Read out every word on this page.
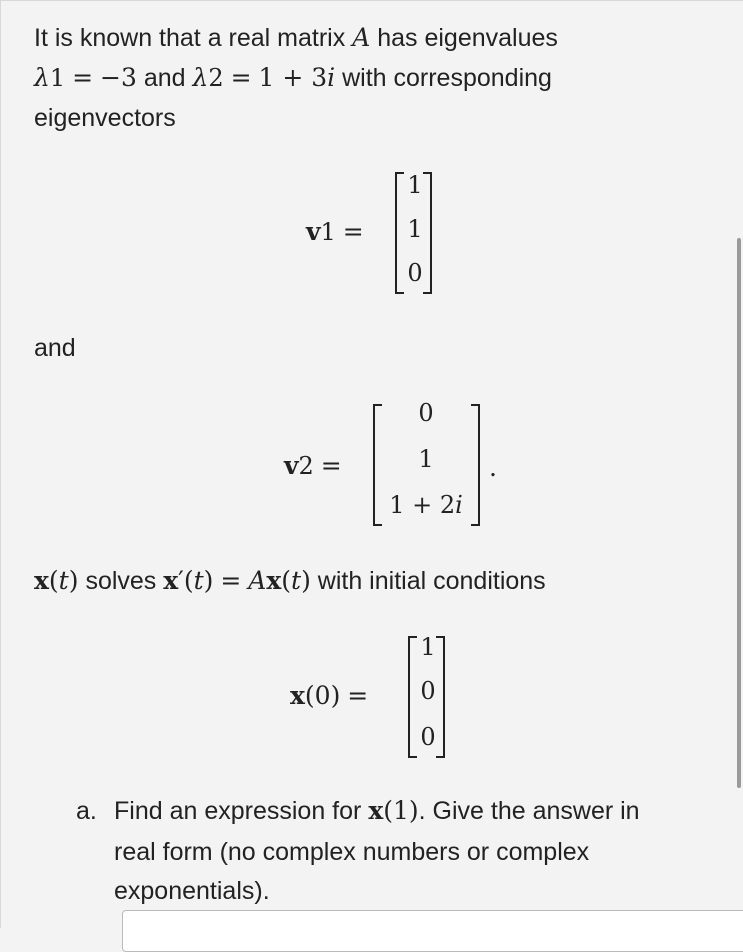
It is known that a real matrix A has eigenvalues
λ1 = −3 and λ2 = 1 + 3i with corresponding
eigenvectors
v1 =
1
1
0
and
v2 =
0
1
1 + 2i
.
x(t) solves x′(t) = Ax(t) with initial conditions
x(0) =
1
0
0
a. Find an expression for x(1). Give the answer in
real form (no complex numbers or complex
exponentials).
